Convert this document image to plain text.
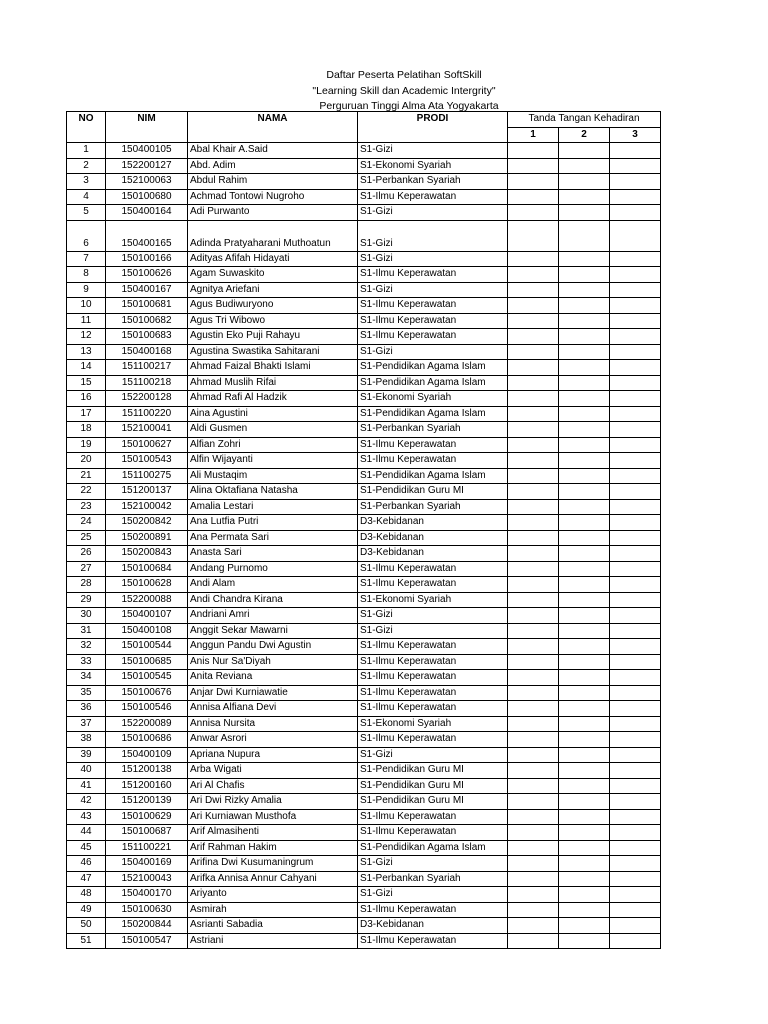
Daftar Peserta Pelatihan SoftSkill
"Learning Skill dan Academic Intergrity"
Perguruan Tinggi Alma Ata Yogyakarta
NO	NIM	NAMA	PRODI	Tanda Tangan Kehadiran		
				1	2	3
1	150400105	Abal Khair A.Said	S1-Gizi			
2	152200127	Abd. Adim	S1-Ekonomi Syariah			
3	152100063	Abdul Rahim	S1-Perbankan Syariah			
4	150100680	Achmad Tontowi Nugroho	S1-Ilmu Keperawatan			
5	150400164	Adi Purwanto	S1-Gizi			
6	150400165	Adinda Pratyaharani Muthoatun	S1-Gizi			
7	150100166	Adityas Afifah Hidayati	S1-Gizi			
8	150100626	Agam Suwaskito	S1-Ilmu Keperawatan			
9	150400167	Agnitya Ariefani	S1-Gizi			
10	150100681	Agus Budiwuryono	S1-Ilmu Keperawatan			
11	150100682	Agus Tri Wibowo	S1-Ilmu Keperawatan			
12	150100683	Agustin Eko Puji Rahayu	S1-Ilmu Keperawatan			
13	150400168	Agustina Swastika Sahitarani	S1-Gizi			
14	151100217	Ahmad Faizal Bhakti Islami	S1-Pendidikan Agama Islam			
15	151100218	Ahmad Muslih Rifai	S1-Pendidikan Agama Islam			
16	152200128	Ahmad Rafi Al Hadzik	S1-Ekonomi Syariah			
17	151100220	Aina Agustini	S1-Pendidikan Agama Islam			
18	152100041	Aldi Gusmen	S1-Perbankan Syariah			
19	150100627	Alfian Zohri	S1-Ilmu Keperawatan			
20	150100543	Alfin Wijayanti	S1-Ilmu Keperawatan			
21	151100275	Ali Mustaqim	S1-Pendidikan Agama Islam			
22	151200137	Alina Oktafiana Natasha	S1-Pendidikan Guru MI			
23	152100042	Amalia Lestari	S1-Perbankan Syariah			
24	150200842	Ana Lutfia Putri	D3-Kebidanan			
25	150200891	Ana Permata Sari	D3-Kebidanan			
26	150200843	Anasta Sari	D3-Kebidanan			
27	150100684	Andang Purnomo	S1-Ilmu Keperawatan			
28	150100628	Andi Alam	S1-Ilmu Keperawatan			
29	152200088	Andi Chandra Kirana	S1-Ekonomi Syariah			
30	150400107	Andriani Amri	S1-Gizi			
31	150400108	Anggit Sekar Mawarni	S1-Gizi			
32	150100544	Anggun Pandu Dwi Agustin	S1-Ilmu Keperawatan			
33	150100685	Anis Nur Sa'Diyah	S1-Ilmu Keperawatan			
34	150100545	Anita Reviana	S1-Ilmu Keperawatan			
35	150100676	Anjar Dwi Kurniawatie	S1-Ilmu Keperawatan			
36	150100546	Annisa Alfiana Devi	S1-Ilmu Keperawatan			
37	152200089	Annisa Nursita	S1-Ekonomi Syariah			
38	150100686	Anwar Asrori	S1-Ilmu Keperawatan			
39	150400109	Apriana Nupura	S1-Gizi			
40	151200138	Arba Wigati	S1-Pendidikan Guru MI			
41	151200160	Ari Al Chafis	S1-Pendidikan Guru MI			
42	151200139	Ari Dwi Rizky Amalia	S1-Pendidikan Guru MI			
43	150100629	Ari Kurniawan Musthofa	S1-Ilmu Keperawatan			
44	150100687	Arif Almasihenti	S1-Ilmu Keperawatan			
45	151100221	Arif Rahman Hakim	S1-Pendidikan Agama Islam			
46	150400169	Arifina Dwi Kusumaningrum	S1-Gizi			
47	152100043	Arifka Annisa Annur Cahyani	S1-Perbankan Syariah			
48	150400170	Ariyanto	S1-Gizi			
49	150100630	Asmirah	S1-Ilmu Keperawatan			
50	150200844	Asrianti Sabadia	D3-Kebidanan			
51	150100547	Astriani	S1-Ilmu Keperawatan			
